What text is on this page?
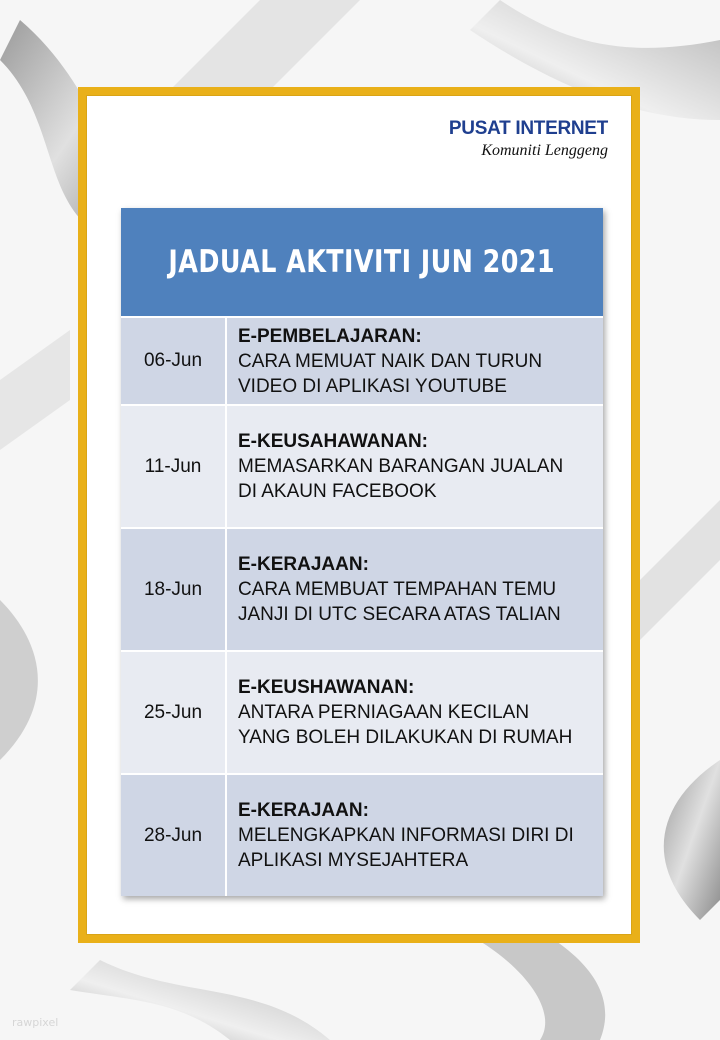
PUSAT INTERNET
Komuniti Lenggeng
JADUAL AKTIVITI JUN 2021
06-Jun
E-PEMBELAJARAN:
CARA MEMUAT NAIK DAN TURUN
VIDEO DI APLIKASI YOUTUBE
11-Jun
E-KEUSAHAWANAN:
MEMASARKAN BARANGAN JUALAN
DI AKAUN FACEBOOK
18-Jun
E-KERAJAAN:
CARA MEMBUAT TEMPAHAN TEMU
JANJI DI UTC SECARA ATAS TALIAN
25-Jun
E-KEUSHAWANAN:
ANTARA PERNIAGAAN KECILAN
YANG BOLEH DILAKUKAN DI RUMAH
28-Jun
E-KERAJAAN:
MELENGKAPKAN INFORMASI DIRI DI
APLIKASI MYSEJAHTERA
rawpixel
